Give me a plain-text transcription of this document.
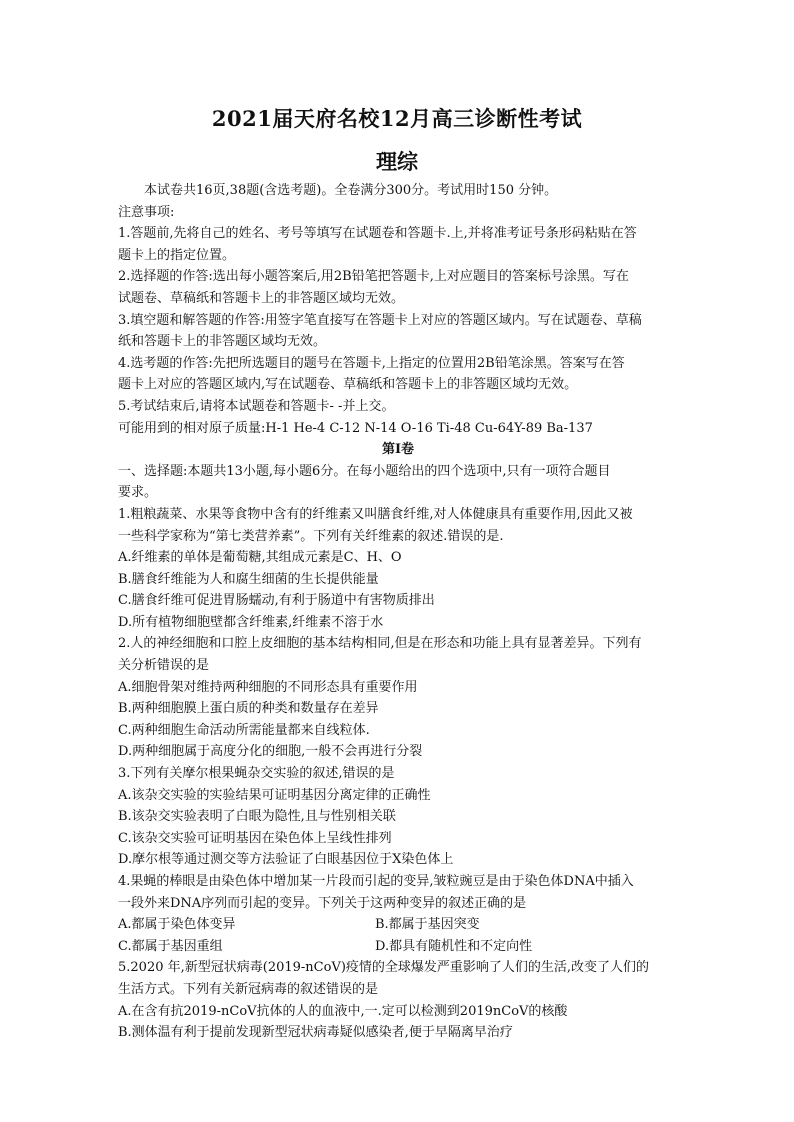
2021届天府名校12月高三诊断性考试
理综

本试卷共16页,38题(含选考题)。全卷满分300分。考试用时150 分钟。

注意事项:

1.答题前,先将自己的姓名、考号等填写在试题卷和答题卡.上,并将准考证号条形码粘贴在答

题卡上的指定位置。

2.选择题的作答:选出每小题答案后,用2B铅笔把答题卡,上对应题目的答案标号涂黑。写在

试题卷、草稿纸和答题卡上的非答题区域均无效。

3.填空题和解答题的作答:用签字笔直接写在答题卡上对应的答题区域内。写在试题卷、草稿

纸和答题卡上的非答题区域均无效。

4.选考题的作答:先把所选题目的题号在答题卡,上指定的位置用2B铅笔涂黑。答案写在答

题卡上对应的答题区域内,写在试题卷、草稿纸和答题卡上的非答题区域均无效。

5.考试结束后,请将本试题卷和答题卡- -并上交。

可能用到的相对原子质量:H-1 He-4 C-12 N-14 O-16 Ti-48 Cu-64Y-89 Ba-137

第Ⅰ卷

一、选择题:本题共13小题,每小题6分。在每小题给出的四个选项中,只有一项符合题目

要求。

1.粗粮蔬菜、水果等食物中含有的纤维素又叫膳食纤维,对人体健康具有重要作用,因此又被

一些科学家称为“第七类营养素”。下列有关纤维素的叙述.错误的是.

A.纤维素的单体是葡萄糖,其组成元素是C、H、O

B.膳食纤维能为人和腐生细菌的生长提供能量

C.膳食纤维可促进胃肠蠕动,有利于肠道中有害物质排出

D.所有植物细胞壁都含纤维素,纤维素不溶于水

2.人的神经细胞和口腔上皮细胞的基本结构相同,但是在形态和功能上具有显著差异。下列有

关分析错误的是

A.细胞骨架对维持两种细胞的不同形态具有重要作用

B.两种细胞膜上蛋白质的种类和数量存在差异

C.两种细胞生命活动所需能量都来自线粒体.

D.两种细胞属于高度分化的细胞,一般不会再进行分裂

3.下列有关摩尔根果蝇杂交实验的叙述,错误的是

A.该杂交实验的实验结果可证明基因分离定律的正确性

B.该杂交实验表明了白眼为隐性,且与性别相关联

C.该杂交实验可证明基因在染色体上呈线性排列

D.摩尔根等通过测交等方法验证了白眼基因位于X染色体上

4.果蝇的棒眼是由染色体中增加某一片段而引起的变异,皱粒豌豆是由于染色体DNA中插入

一段外来DNA序列而引起的变异。下列关于这两种变异的叙述正确的是

A.都属于染色体变异	B.都属于基因突变
C.都属于基因重组	D.都具有随机性和不定向性

5.2020 年,新型冠状病毒(2019-nCoV)疫情的全球爆发严重影响了人们的生活,改变了人们的

生活方式。下列有关新冠病毒的叙述错误的是

A.在含有抗2019-nCoV抗体的人的血液中,一.定可以检测到2019nCoV的核酸

B.测体温有利于提前发现新型冠状病毒疑似感染者,便于早隔离早治疗
